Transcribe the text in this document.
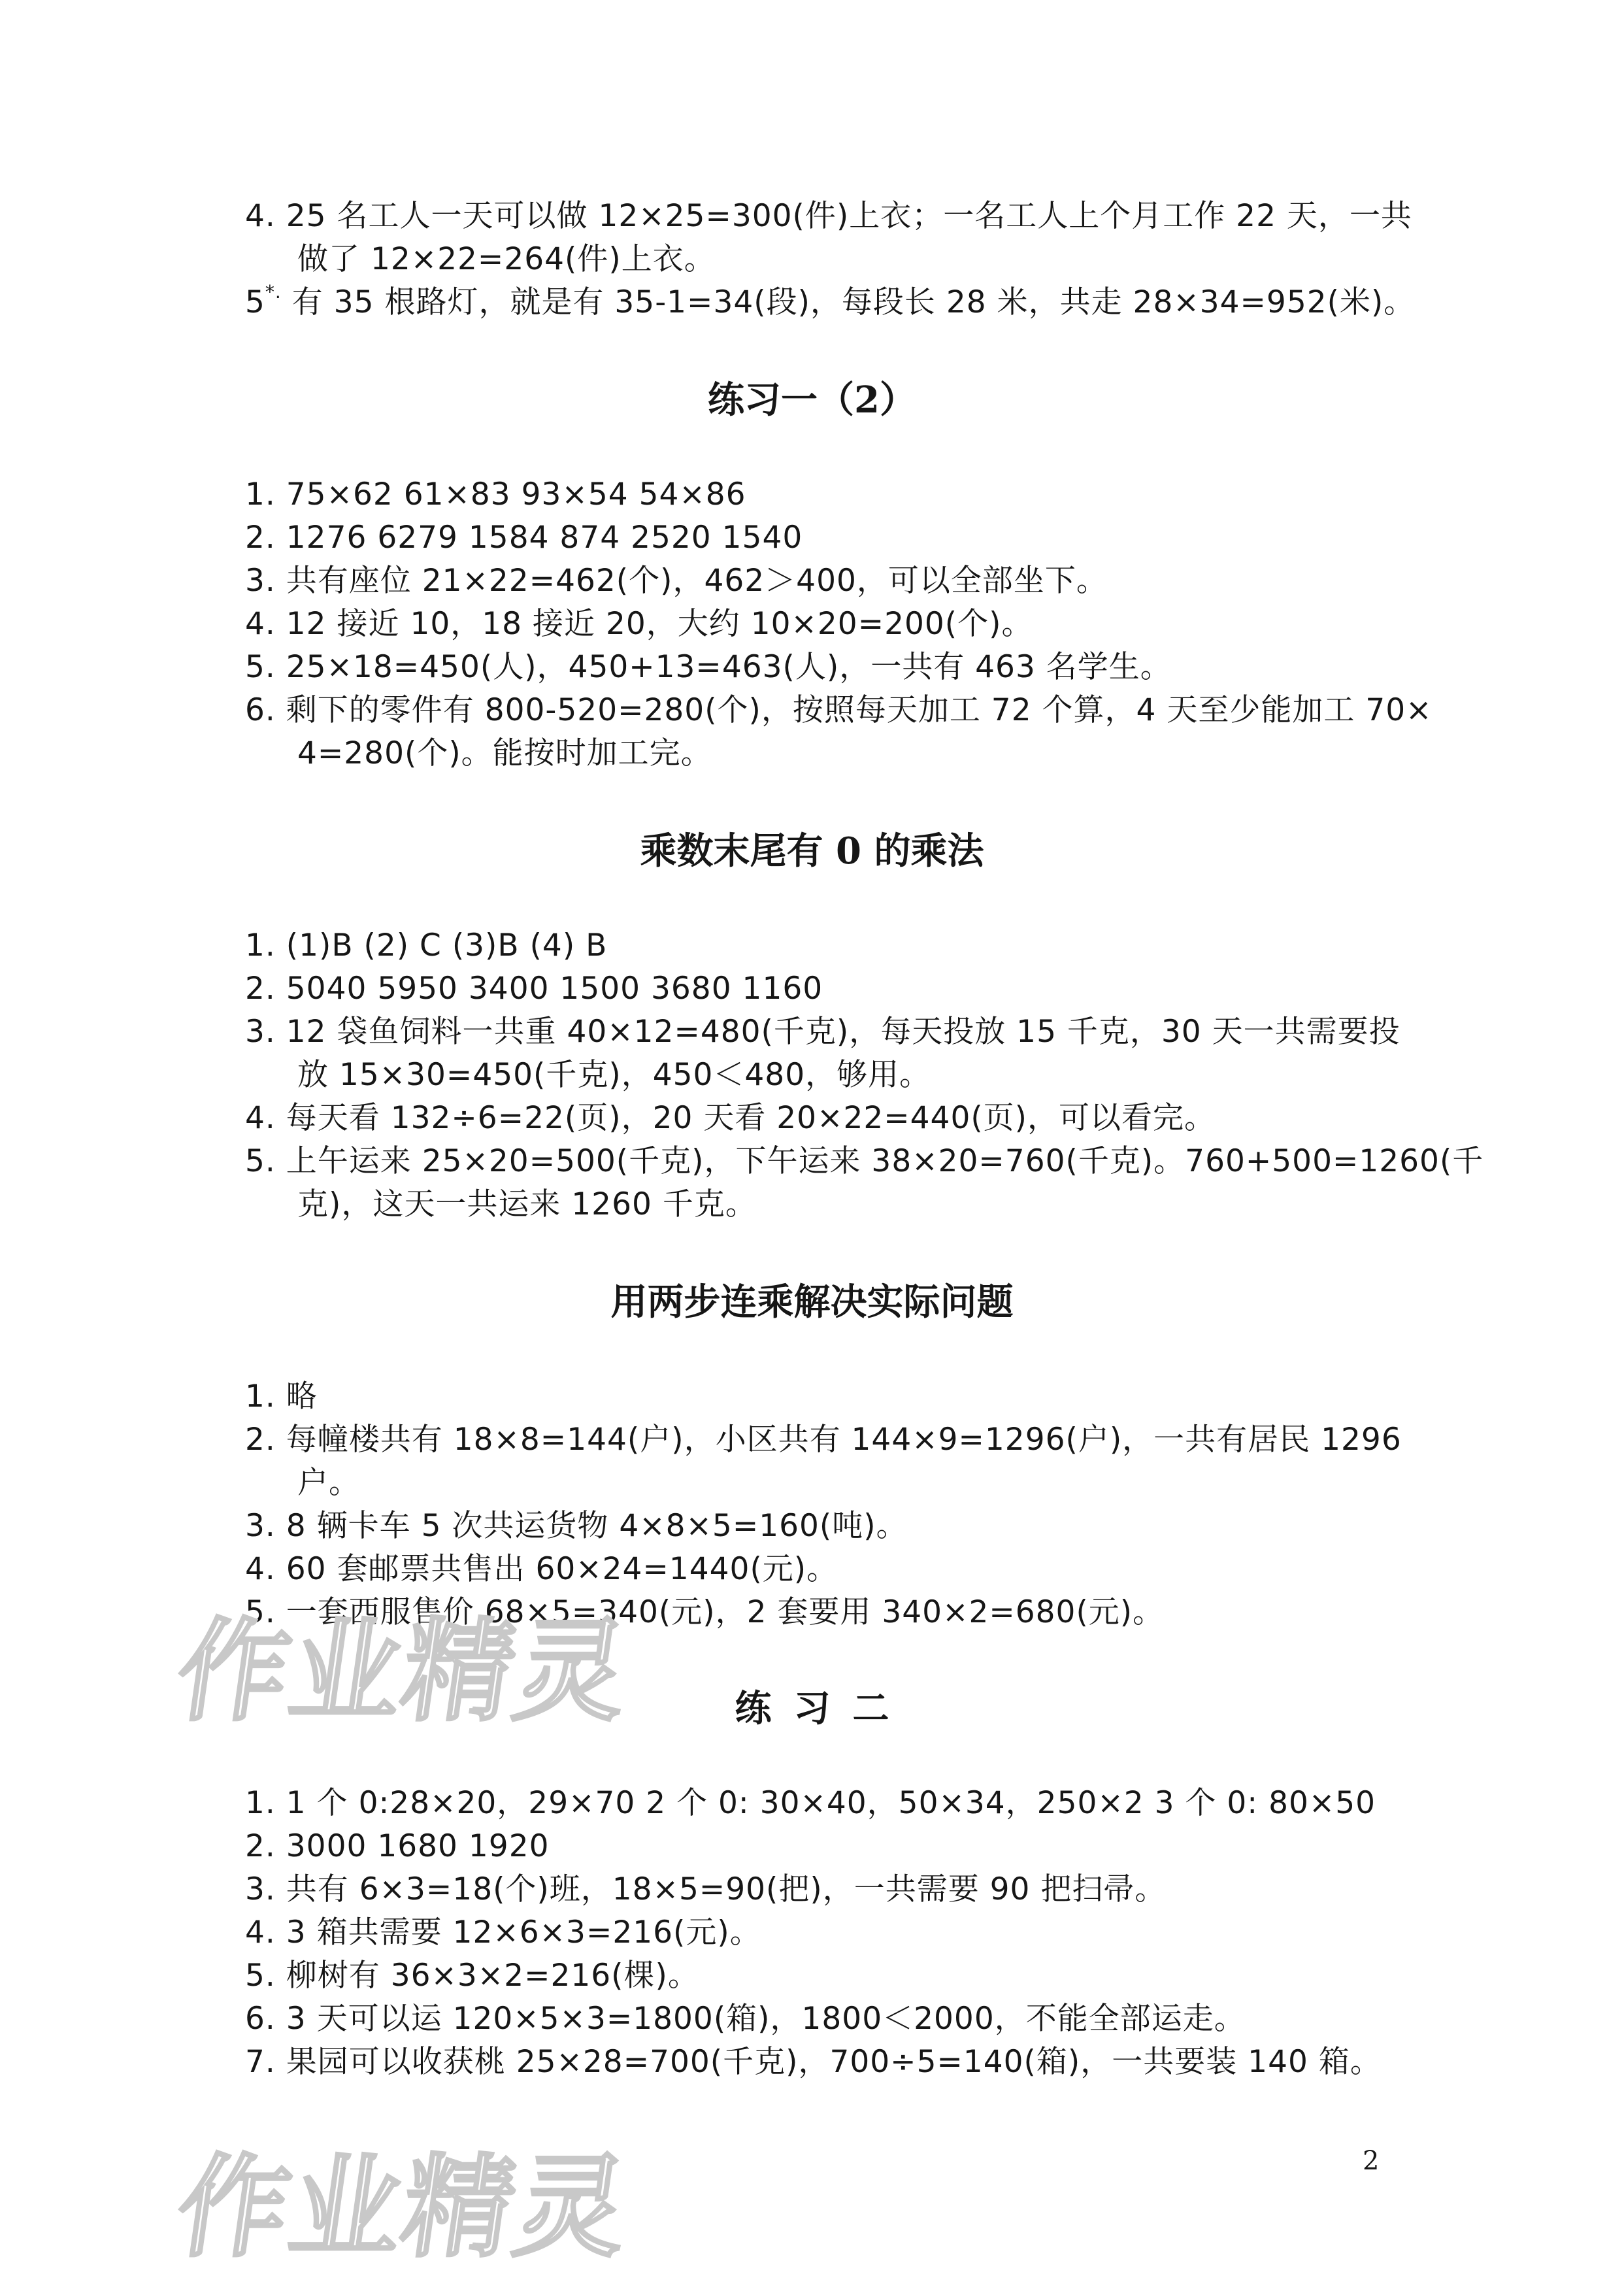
4. 25 名工人一天可以做 12×25=300(件)上衣；一名工人上个月工作 22 天，一共
做了 12×22=264(件)上衣。
5*. 有 35 根路灯，就是有 35-1=34(段)，每段长 28 米，共走 28×34=952(米)。
练习一（2）
1. 75×62 61×83 93×54 54×86
2. 1276 6279 1584 874 2520 1540
3. 共有座位 21×22=462(个)，462＞400，可以全部坐下。
4. 12 接近 10，18 接近 20，大约 10×20=200(个)。
5. 25×18=450(人)，450+13=463(人)，一共有 463 名学生。
6. 剩下的零件有 800-520=280(个)，按照每天加工 72 个算，4 天至少能加工 70×
4=280(个)。能按时加工完。
乘数末尾有 0 的乘法
1. (1)B (2) C (3)B (4) B
2. 5040 5950 3400 1500 3680 1160
3. 12 袋鱼饲料一共重 40×12=480(千克)，每天投放 15 千克，30 天一共需要投
放 15×30=450(千克)，450＜480，够用。
4. 每天看 132÷6=22(页)，20 天看 20×22=440(页)，可以看完。
5. 上午运来 25×20=500(千克)，下午运来 38×20=760(千克)。760+500=1260(千
克)，这天一共运来 1260 千克。
用两步连乘解决实际问题
1. 略
2. 每幢楼共有 18×8=144(户)，小区共有 144×9=1296(户)，一共有居民 1296
户。
3. 8 辆卡车 5 次共运货物 4×8×5=160(吨)。
4. 60 套邮票共售出 60×24=1440(元)。
5. 一套西服售价 68×5=340(元)，2 套要用 340×2=680(元)。
练习二
1. 1 个 0:28×20，29×70 2 个 0: 30×40，50×34，250×2 3 个 0: 80×50
2. 3000 1680 1920
3. 共有 6×3=18(个)班，18×5=90(把)，一共需要 90 把扫帚。
4. 3 箱共需要 12×6×3=216(元)。
5. 柳树有 36×3×2=216(棵)。
6. 3 天可以运 120×5×3=1800(箱)，1800＜2000，不能全部运走。
7. 果园可以收获桃 25×28=700(千克)，700÷5=140(箱)，一共要装 140 箱。
2
作业精灵
作业精灵
